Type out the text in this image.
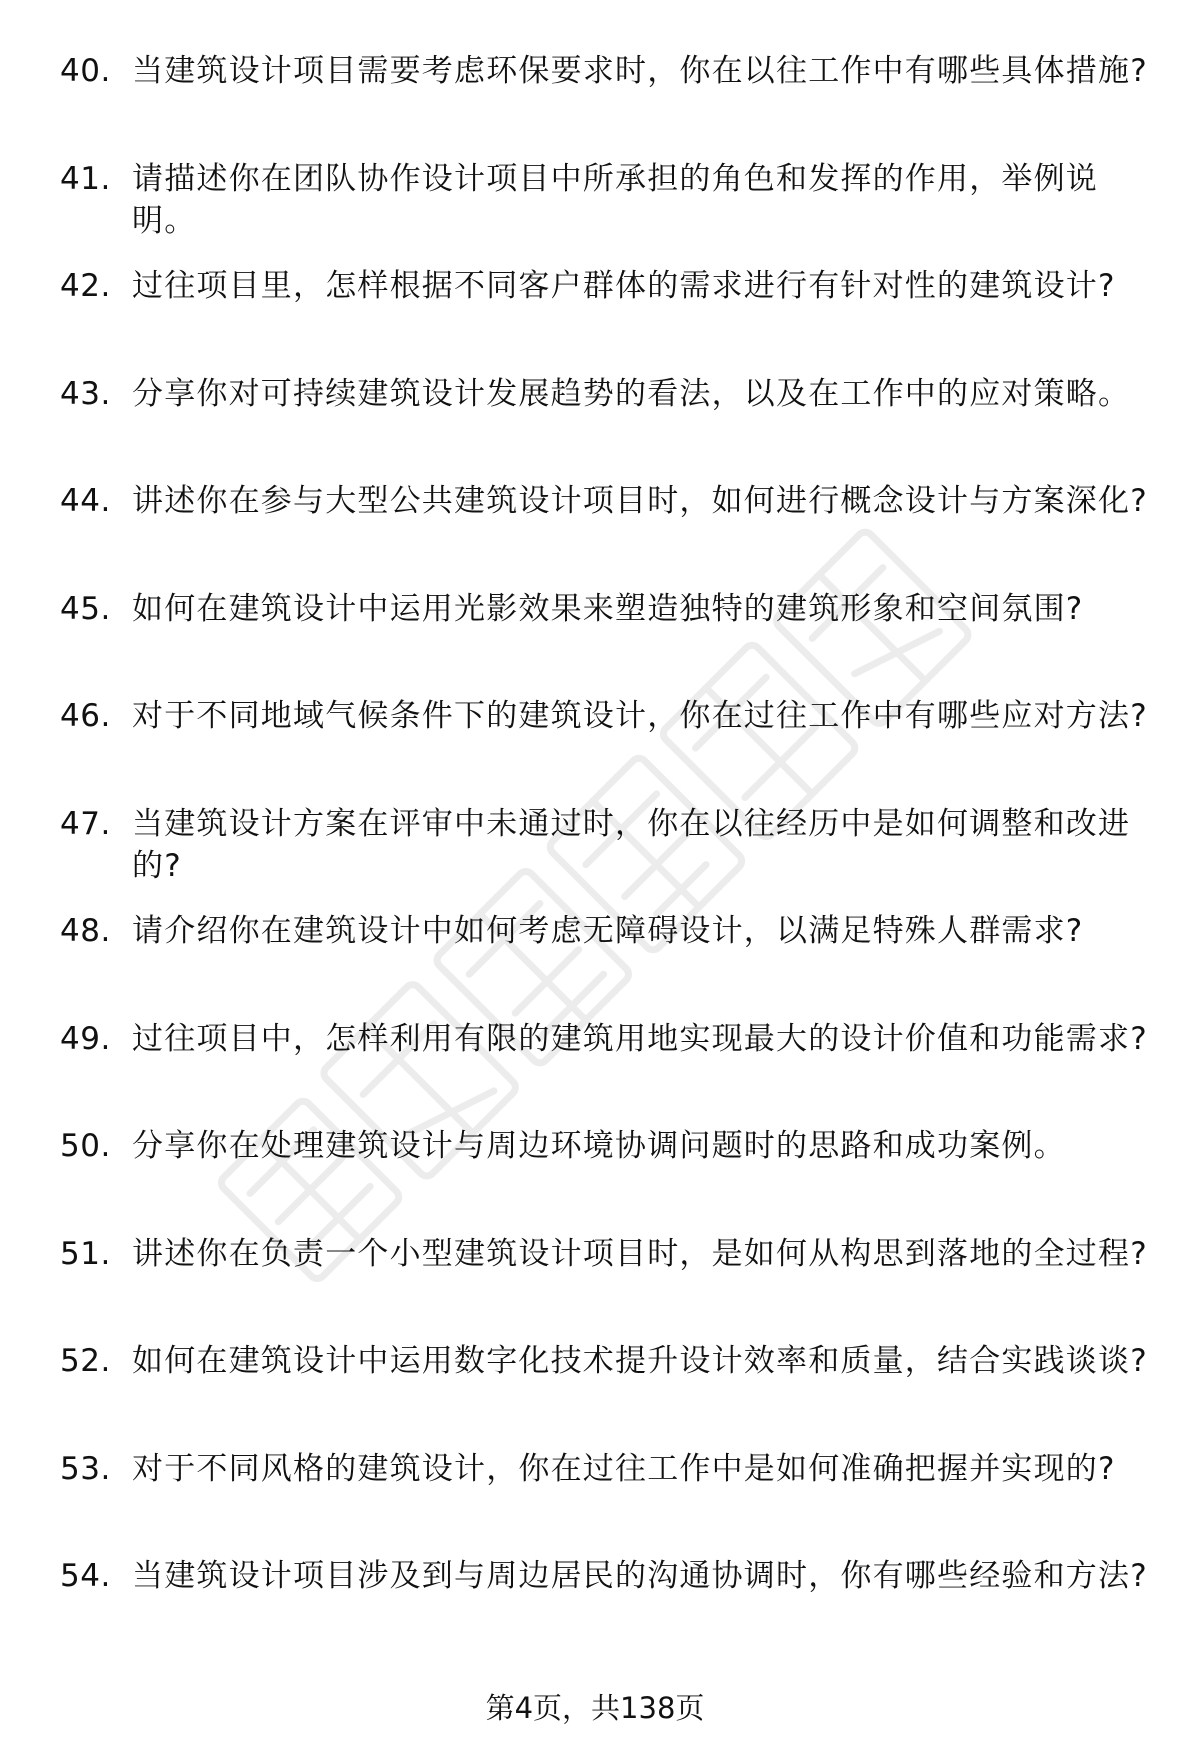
40. 当建筑设计项目需要考虑环保要求时，你在以往工作中有哪些具体措施?
41. 请描述你在团队协作设计项目中所承担的角色和发挥的作用，举例说明。
42. 过往项目里，怎样根据不同客户群体的需求进行有针对性的建筑设计?
43. 分享你对可持续建筑设计发展趋势的看法，以及在工作中的应对策略。
44. 讲述你在参与大型公共建筑设计项目时，如何进行概念设计与方案深化?
45. 如何在建筑设计中运用光影效果来塑造独特的建筑形象和空间氛围?
46. 对于不同地域气候条件下的建筑设计，你在过往工作中有哪些应对方法?
47. 当建筑设计方案在评审中未通过时，你在以往经历中是如何调整和改进的?
48. 请介绍你在建筑设计中如何考虑无障碍设计，以满足特殊人群需求?
49. 过往项目中，怎样利用有限的建筑用地实现最大的设计价值和功能需求?
50. 分享你在处理建筑设计与周边环境协调问题时的思路和成功案例。
51. 讲述你在负责一个小型建筑设计项目时，是如何从构思到落地的全过程?
52. 如何在建筑设计中运用数字化技术提升设计效率和质量，结合实践谈谈?
53. 对于不同风格的建筑设计，你在过往工作中是如何准确把握并实现的?
54. 当建筑设计项目涉及到与周边居民的沟通协调时，你有哪些经验和方法?
第4页，共138页
